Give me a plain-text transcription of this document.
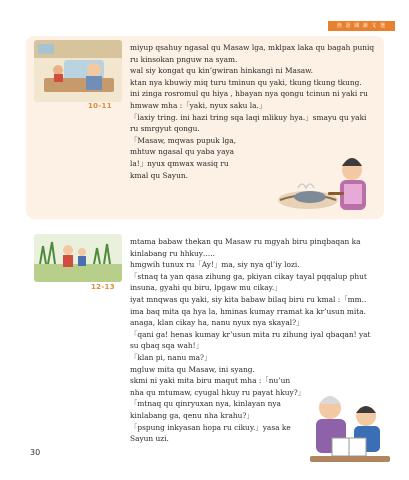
族 語 閱 讀 文 選
10-11
miyup qsahuy ngasal qu Masaw lga, mklpax laka qu bagah puniq
ru kinsokan pnguw na syam.
wal siy kongat qu kin’gwiran hinkangi ni Masaw.
ktan nya kbuwiy miq turu tminun qu yaki, tkung tkung tkung.
ini zinga rosromul qu hiya , hbayan nya qongu tcinun ni yaki ru
hmwaw mha :「yaki, nyux saku la.」
「laxiy tring. ini hazi tring sqa laqi mlikuy hya.」smayu qu yaki
ru smrgyut qongu.
「Masaw, mqwas pupuk lga,
mhtuw ngasal qu yaba yaya
la!」nyux qmwax wasiq ru
kmal qu Sayun.
12-13
mtama babaw thekan qu Masaw ru mgyah biru pinqbaqan ka
kinlabang ru hhkuy…..
hmgwih tunux ru「Ay!」ma, siy nya ql’iy lozi.
「stnaq ta yan qasa zihung ga, pkiyan cikay tayal pqqalup phut
insuna, gyahi qu biru, lpgaw mu cikay.」
iyat mnqwas qu yaki, siy kita babaw bilaq biru ru kmal :「mm..
ima baq mita qa hya la, hminas kumay rramat ka kr’usun mita.
anaga, klan cikay ha, nanu nyux nya skayal?」
「qani ga! henas kumay kr’usun mita ru zihung iyal qbaqan! yat
su qbaq sqa wah!」
「klan pi, nanu ma?」
mgluw mita qu Masaw, ini syang.
skmi ni yaki mita biru maqut mha :「nu’un
nha qu mtumaw, cyugal hkuy ru payat hkuy?」
「mtnaq qu qinryuxan nya, kinlayan nya
kinlabang ga, qenu nha krahu?」
「pspung inkyasan hopa ru cikuy.」yasa ke
Sayun uzi.
30
